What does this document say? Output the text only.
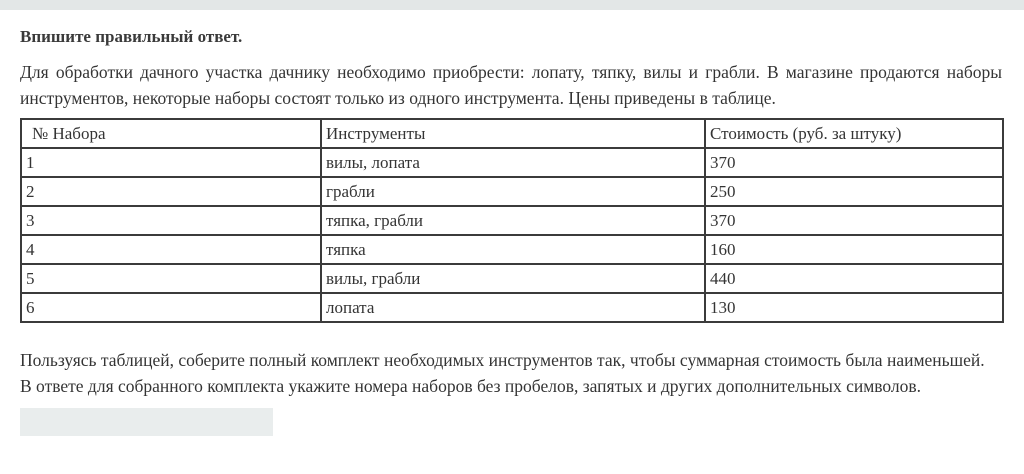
Впишите правильный ответ.

Для обработки дачного участка дачнику необходимо приобрести: лопату, тяпку, вилы и грабли. В магазине продаются наборы инструментов, некоторые наборы состоят только из одного инструмента. Цены приведены в таблице.

№ Набора	Инструменты	Стоимость (руб. за штуку)
1	вилы, лопата	370
2	грабли	250
3	тяпка, грабли	370
4	тяпка	160
5	вилы, грабли	440
6	лопата	130

Пользуясь таблицей, соберите полный комплект необходимых инструментов так, чтобы суммарная стоимость была наименьшей.

В ответе для собранного комплекта укажите номера наборов без пробелов, запятых и других дополнительных символов.
